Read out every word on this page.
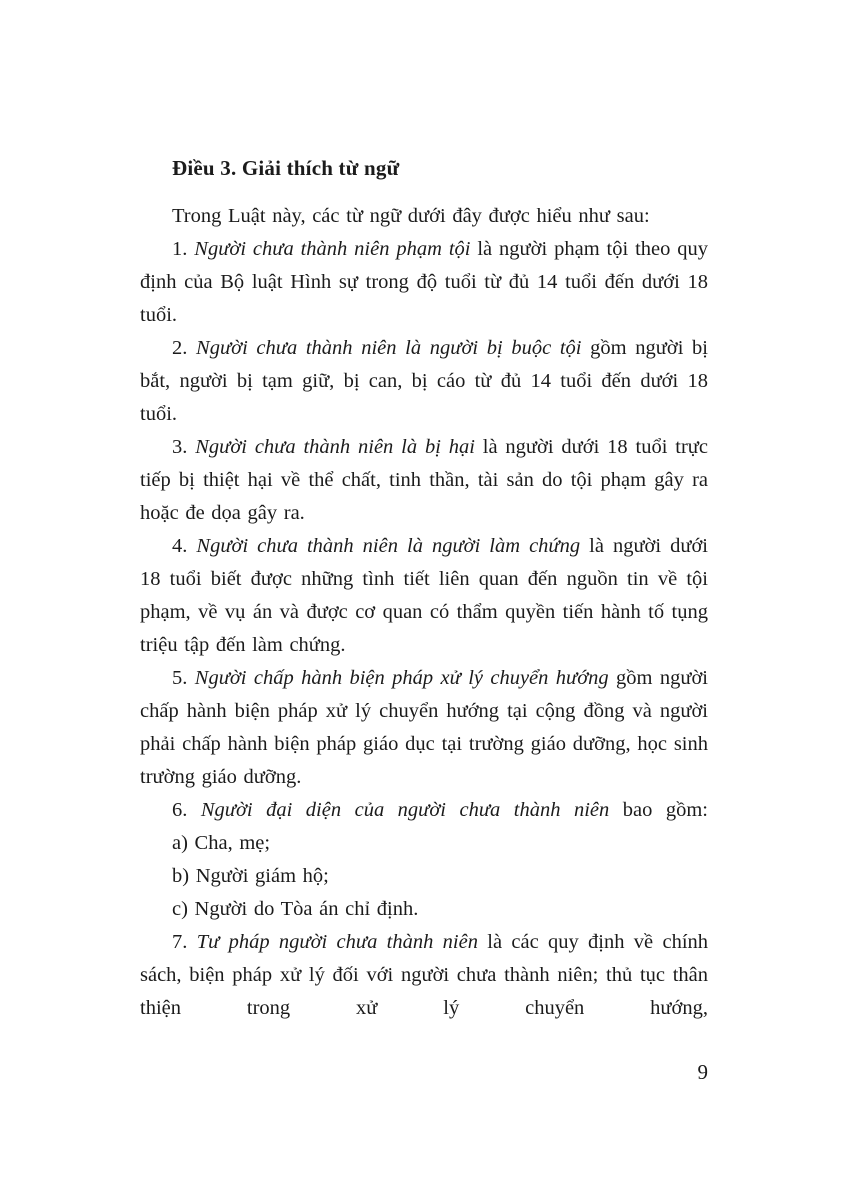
Điều 3. Giải thích từ ngữ

Trong Luật này, các từ ngữ dưới đây được hiểu như sau:

1. Người chưa thành niên phạm tội là người phạm tội theo quy định của Bộ luật Hình sự trong độ tuổi từ đủ 14 tuổi đến dưới 18 tuổi.

2. Người chưa thành niên là người bị buộc tội gồm người bị bắt, người bị tạm giữ, bị can, bị cáo từ đủ 14 tuổi đến dưới 18 tuổi.

3. Người chưa thành niên là bị hại là người dưới 18 tuổi trực tiếp bị thiệt hại về thể chất, tinh thần, tài sản do tội phạm gây ra hoặc đe dọa gây ra.

4. Người chưa thành niên là người làm chứng là người dưới 18 tuổi biết được những tình tiết liên quan đến nguồn tin về tội phạm, về vụ án và được cơ quan có thẩm quyền tiến hành tố tụng triệu tập đến làm chứng.

5. Người chấp hành biện pháp xử lý chuyển hướng gồm người chấp hành biện pháp xử lý chuyển hướng tại cộng đồng và người phải chấp hành biện pháp giáo dục tại trường giáo dưỡng, học sinh trường giáo dưỡng.

6. Người đại diện của người chưa thành niên bao gồm:

a) Cha, mẹ;

b) Người giám hộ;

c) Người do Tòa án chỉ định.

7. Tư pháp người chưa thành niên là các quy định về chính sách, biện pháp xử lý đối với người chưa thành niên; thủ tục thân thiện trong xử lý chuyển hướng,

9
